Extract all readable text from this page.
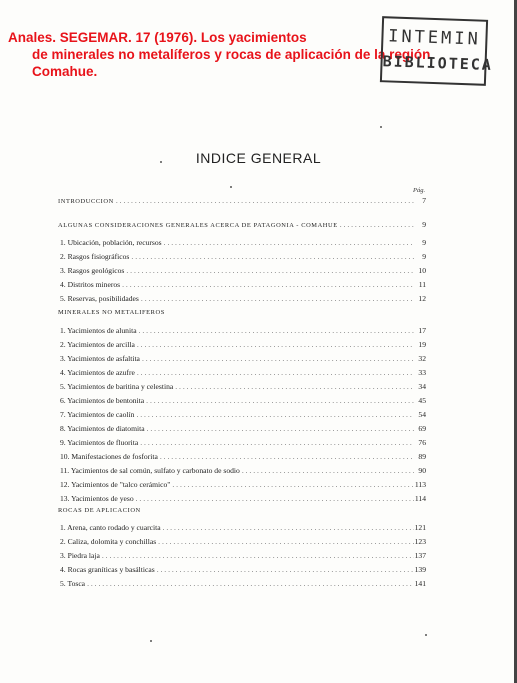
Anales. SEGEMAR. 17 (1976). Los yacimientos
de minerales no metalíferos y rocas de aplicación de la región
Comahue.
INTEMIN
BIBLIOTECA
INDICE GENERAL
Pág.
INTRODUCCION . . .	7
ALGUNAS CONSIDERACIONES GENERALES ACERCA DE PATAGONIA - COMAHUE . . .	9
1. Ubicación, población, recursos . . .	9
2. Rasgos fisiográficos . . .	9
3. Rasgos geológicos . . .	10
4. Distritos mineros . . .	11
5. Reservas, posibilidades . . .	12
MINERALES NO METALIFEROS
1. Yacimientos de alunita . . .	17
2. Yacimientos de arcilla . . .	19
3. Yacimientos de asfaltita . . .	32
4. Yacimientos de azufre . . .	33
5. Yacimientos de baritina y celestina . . .	34
6. Yacimientos de bentonita . . .	45
7. Yacimientos de caolín . . .	54
8. Yacimientos de diatomita . . .	69
9. Yacimientos de fluorita . . .	76
10. Manifestaciones de fosforita . . .	89
11. Yacimientos de sal común, sulfato y carbonato de sodio . . .	90
12. Yacimientos de "talco cerámico" . . .	113
13. Yacimientos de yeso . . .	114
ROCAS DE APLICACION
1. Arena, canto rodado y cuarcita . . .	121
2. Caliza, dolomita y conchillas . . .	123
3. Piedra laja . . .	137
4. Rocas graníticas y basálticas . . .	139
5. Tosca . . .	141
